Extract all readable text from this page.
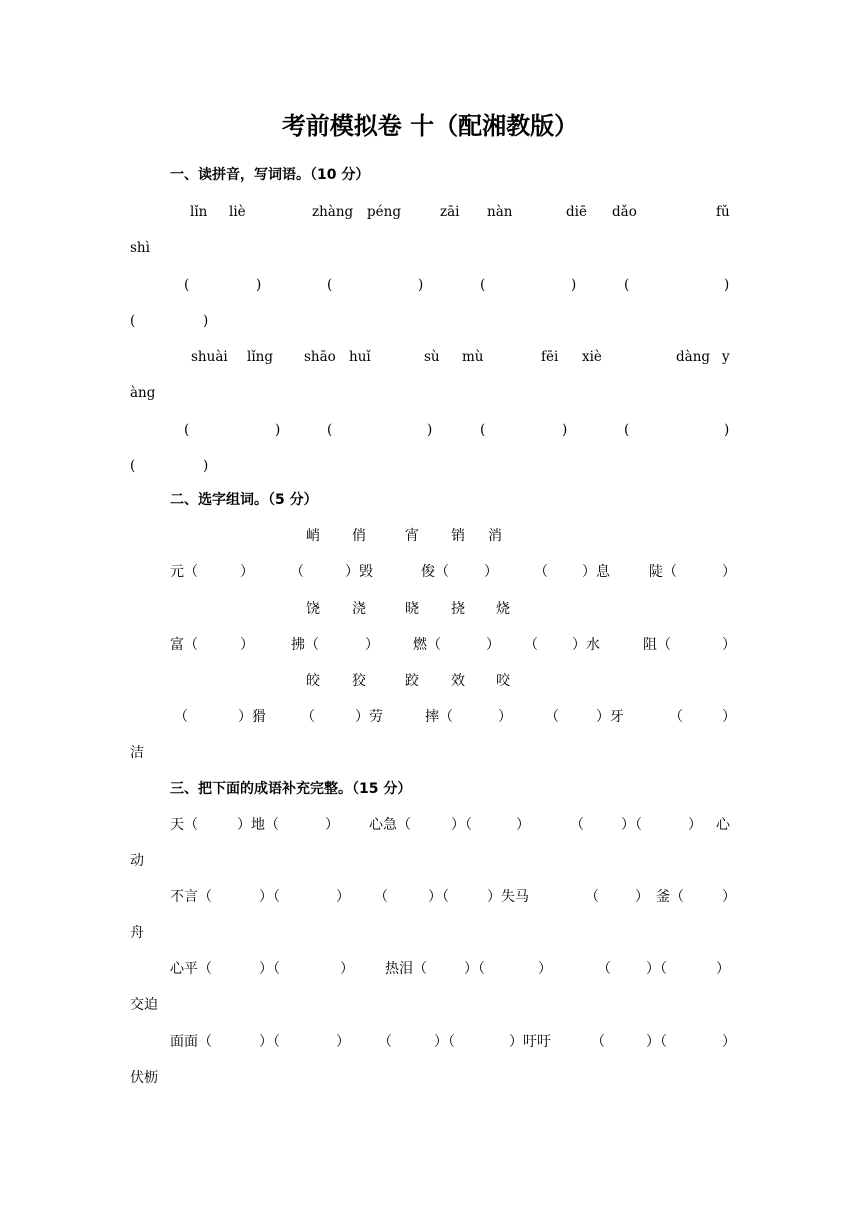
考前模拟卷 十（配湘教版）
一、读拼音，写词语。（10 分）
lǐn liè	zhàng péng	zāi nàn	diē dǎo	fǔ
shì
(	)	(	)	(	)	(	)
(	)
shuài lǐng shāo huǐ	sù mù	fēi xiè	dàng y
àng
(	)	(	)	(	)	(	)
(	)
二、选字组词。（5 分）
峭 俏	宵 销 消
元（	）	（	）毁	俊（	）	（ ）息	陡（	）
饶 浇	晓 挠 烧
富（	）	拂（	） 燃（	） （ ）水	阻（	）
皎 狡	跤 效 咬
（	）猾	（	）劳	摔（	） （	）牙	（	）
洁
三、把下面的成语补充完整。（15 分）
天（	）地（	） 心急（	）（	）	（	）（	） 心
动
不言（	）（	） （	）（	）失马	（	） 釜（	）
舟
心平（	）（	） 热泪（	）（	）	（	）（	）
交迫
面面（	）（	） （	）（	）吁吁	（	）（	）
伏枥
